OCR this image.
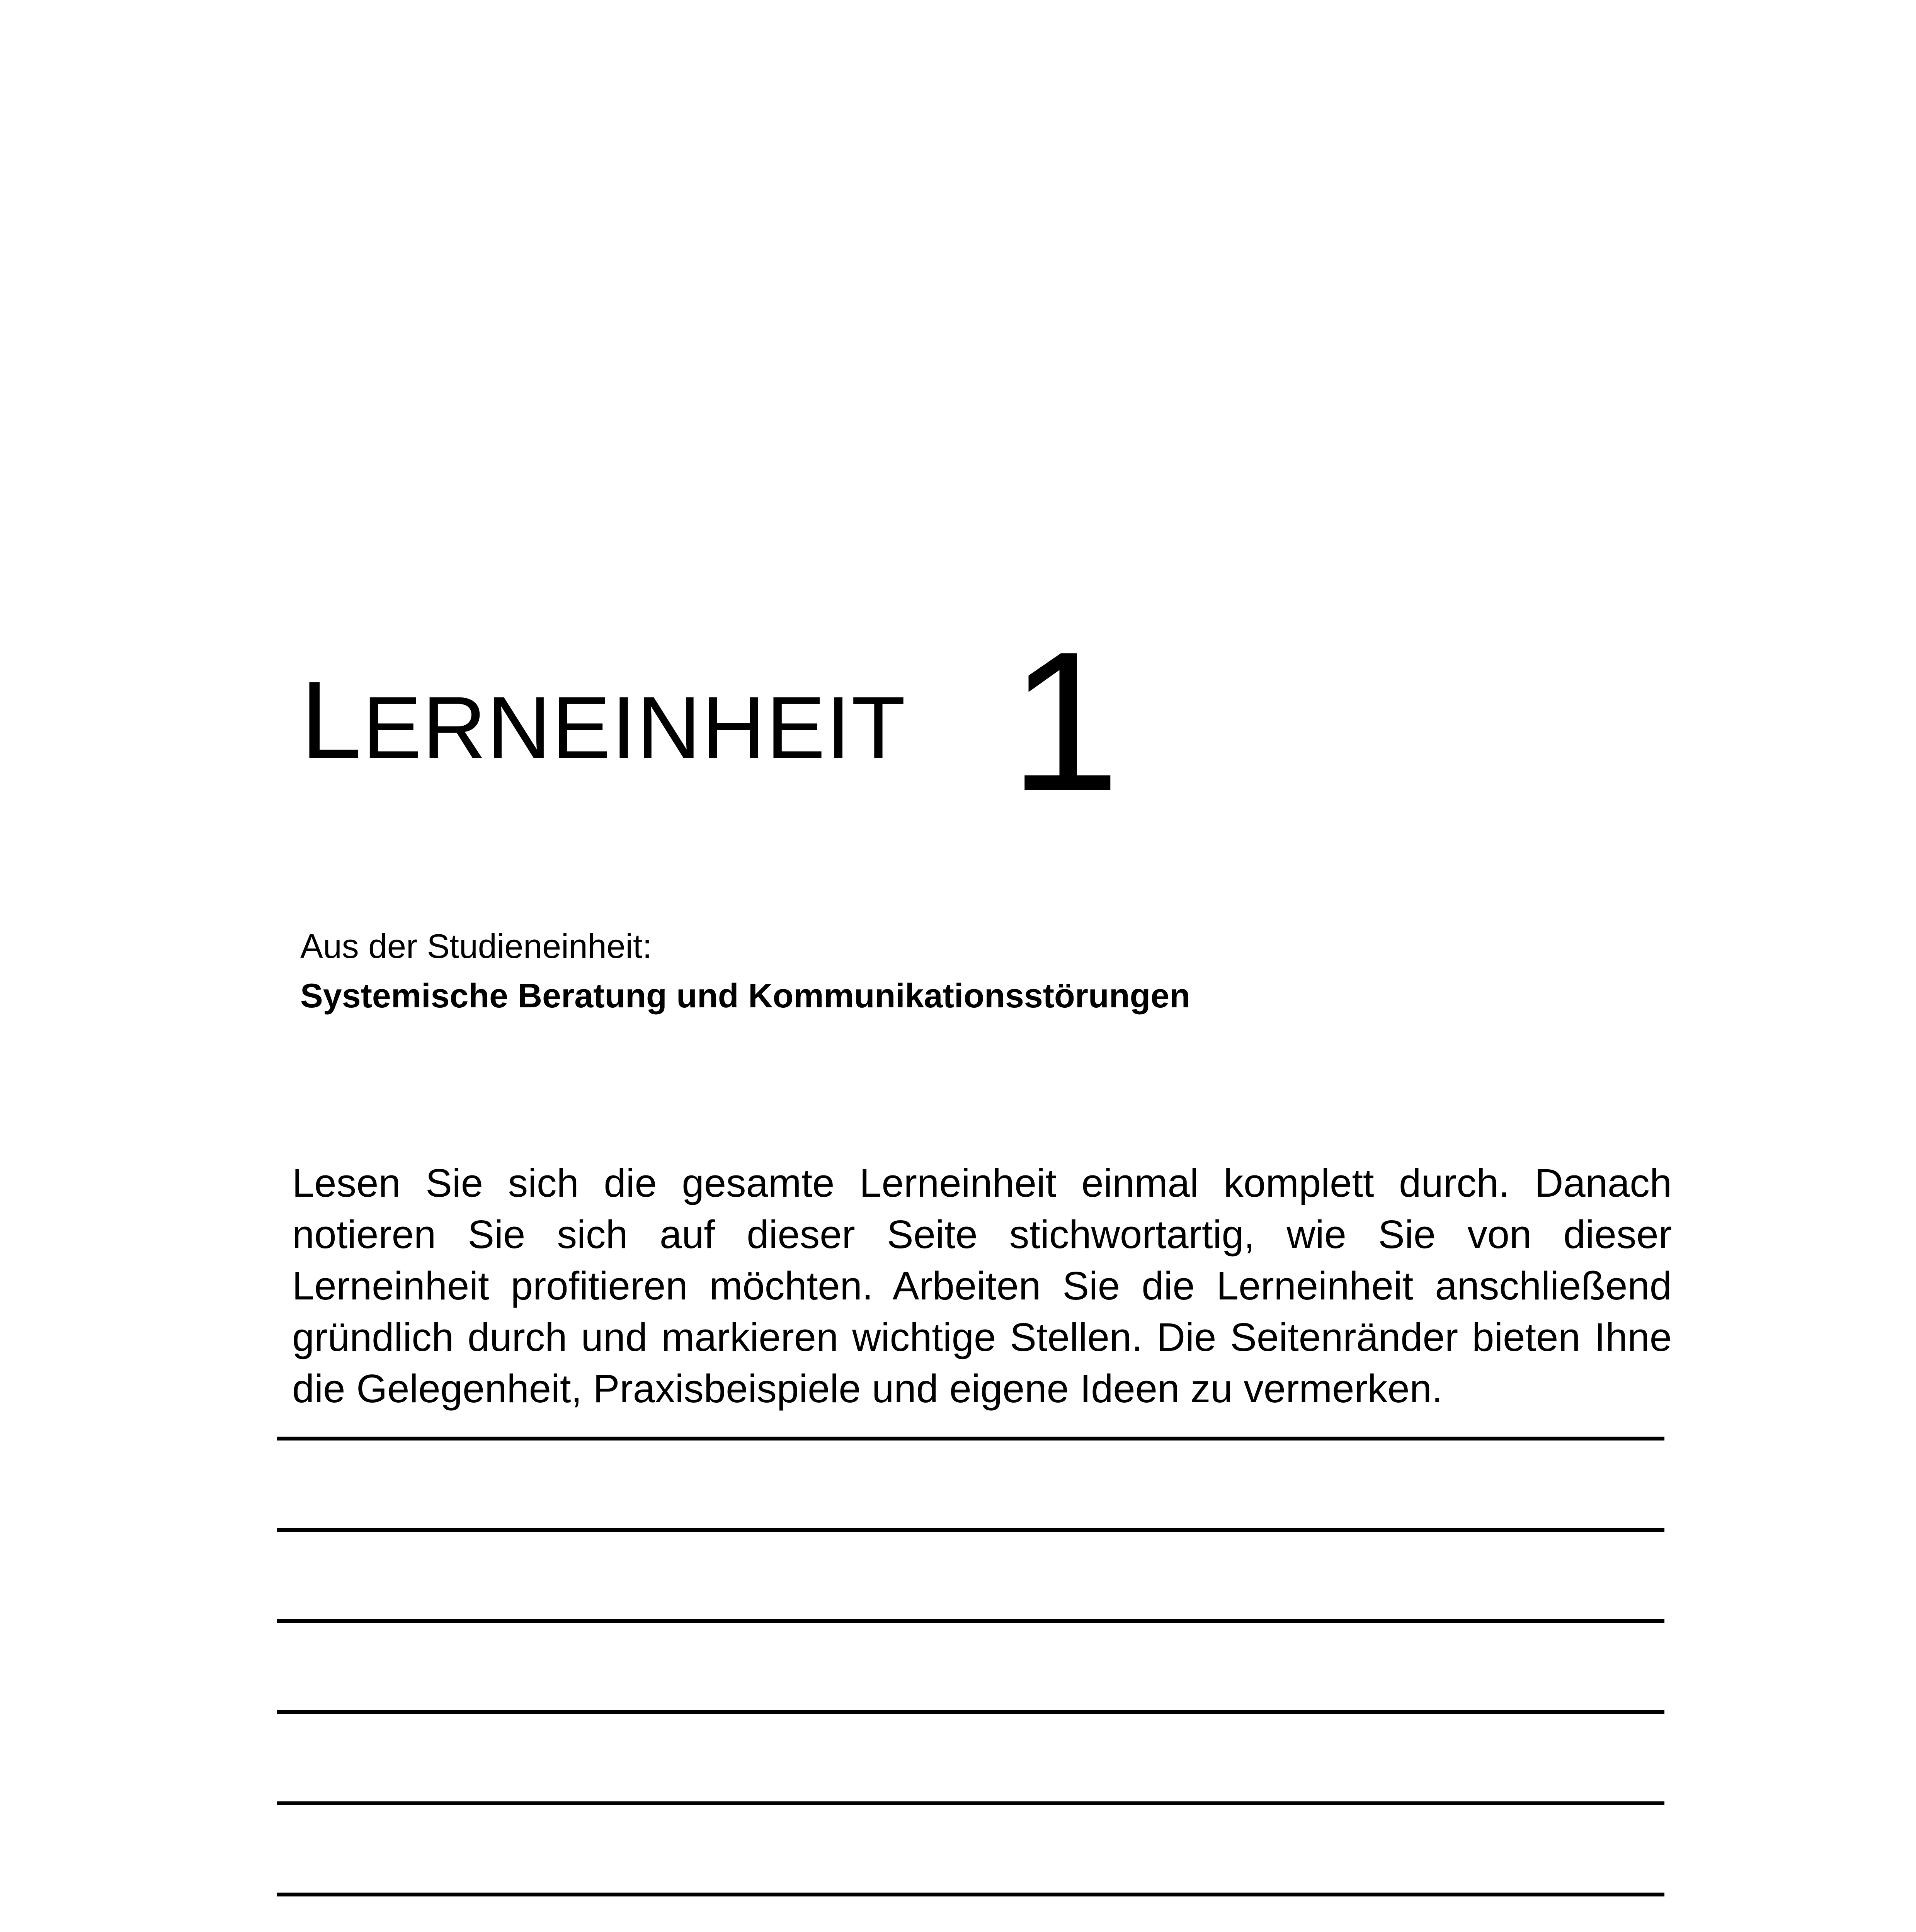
LERNEINHEIT 1
Aus der Studieneinheit:
Systemische Beratung und Kommunikationsstörungen

Lesen Sie sich die gesamte Lerneinheit einmal komplett durch. Danach notieren Sie sich auf dieser Seite stichwortartig, wie Sie von dieser Lerneinheit profitieren möchten. Arbeiten Sie die Lerneinheit anschließend gründlich durch und markieren wichtige Stellen. Die Seitenränder bieten Ihne die Gelegenheit, Praxisbeispiele und eigene Ideen zu vermerken.
